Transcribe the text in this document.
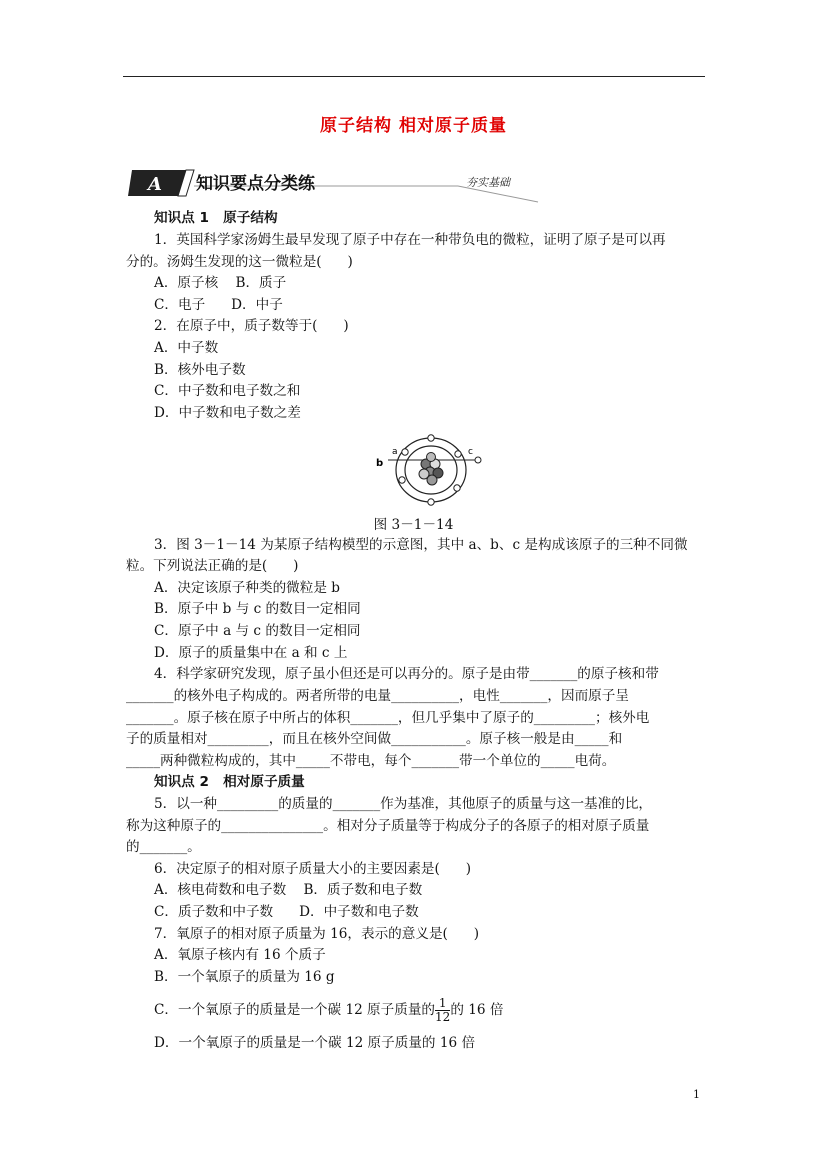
原子结构 相对原子质量
A 知识要点分类练	夯实基础
知识点 1   原子结构
1．英国科学家汤姆生最早发现了原子中存在一种带负电的微粒，证明了原子是可以再
分的。汤姆生发现的这一微粒是(      )
A．原子核    B．质子
C．电子      D．中子
2．在原子中，质子数等于(      )
A．中子数
B．核外电子数
C．中子数和电子数之和
D．中子数和电子数之差
b
a	c
图 3－1－14
3．图 3－1－14 为某原子结构模型的示意图，其中 a、b、c 是构成该原子的三种不同微
粒。下列说法正确的是(      )
A．决定该原子种类的微粒是 b
B．原子中 b 与 c 的数目一定相同
C．原子中 a 与 c 的数目一定相同
D．原子的质量集中在 a 和 c 上
4．科学家研究发现，原子虽小但还是可以再分的。原子是由带_______的原子核和带
_______的核外电子构成的。两者所带的电量__________，电性_______，因而原子呈
_______。原子核在原子中所占的体积_______，但几乎集中了原子的_________；核外电
子的质量相对_________，而且在核外空间做___________。原子核一般是由_____和
_____两种微粒构成的，其中_____不带电，每个_______带一个单位的_____电荷。
知识点 2   相对原子质量
5．以一种_________的质量的_______作为基准，其他原子的质量与这一基准的比，
称为这种原子的_______________。相对分子质量等于构成分子的各原子的相对原子质量
的_______。
6．决定原子的相对原子质量大小的主要因素是(      )
A．核电荷数和电子数    B．质子数和电子数
C．质子数和中子数      D．中子数和电子数
7．氧原子的相对原子质量为 16，表示的意义是(      )
A．氧原子核内有 16 个质子
B．一个氧原子的质量为 16 g
C．一个氧原子的质量是一个碳 12 原子质量的 $\frac{1}{12}$ 的 16 倍
D．一个氧原子的质量是一个碳 12 原子质量的 16 倍
1
